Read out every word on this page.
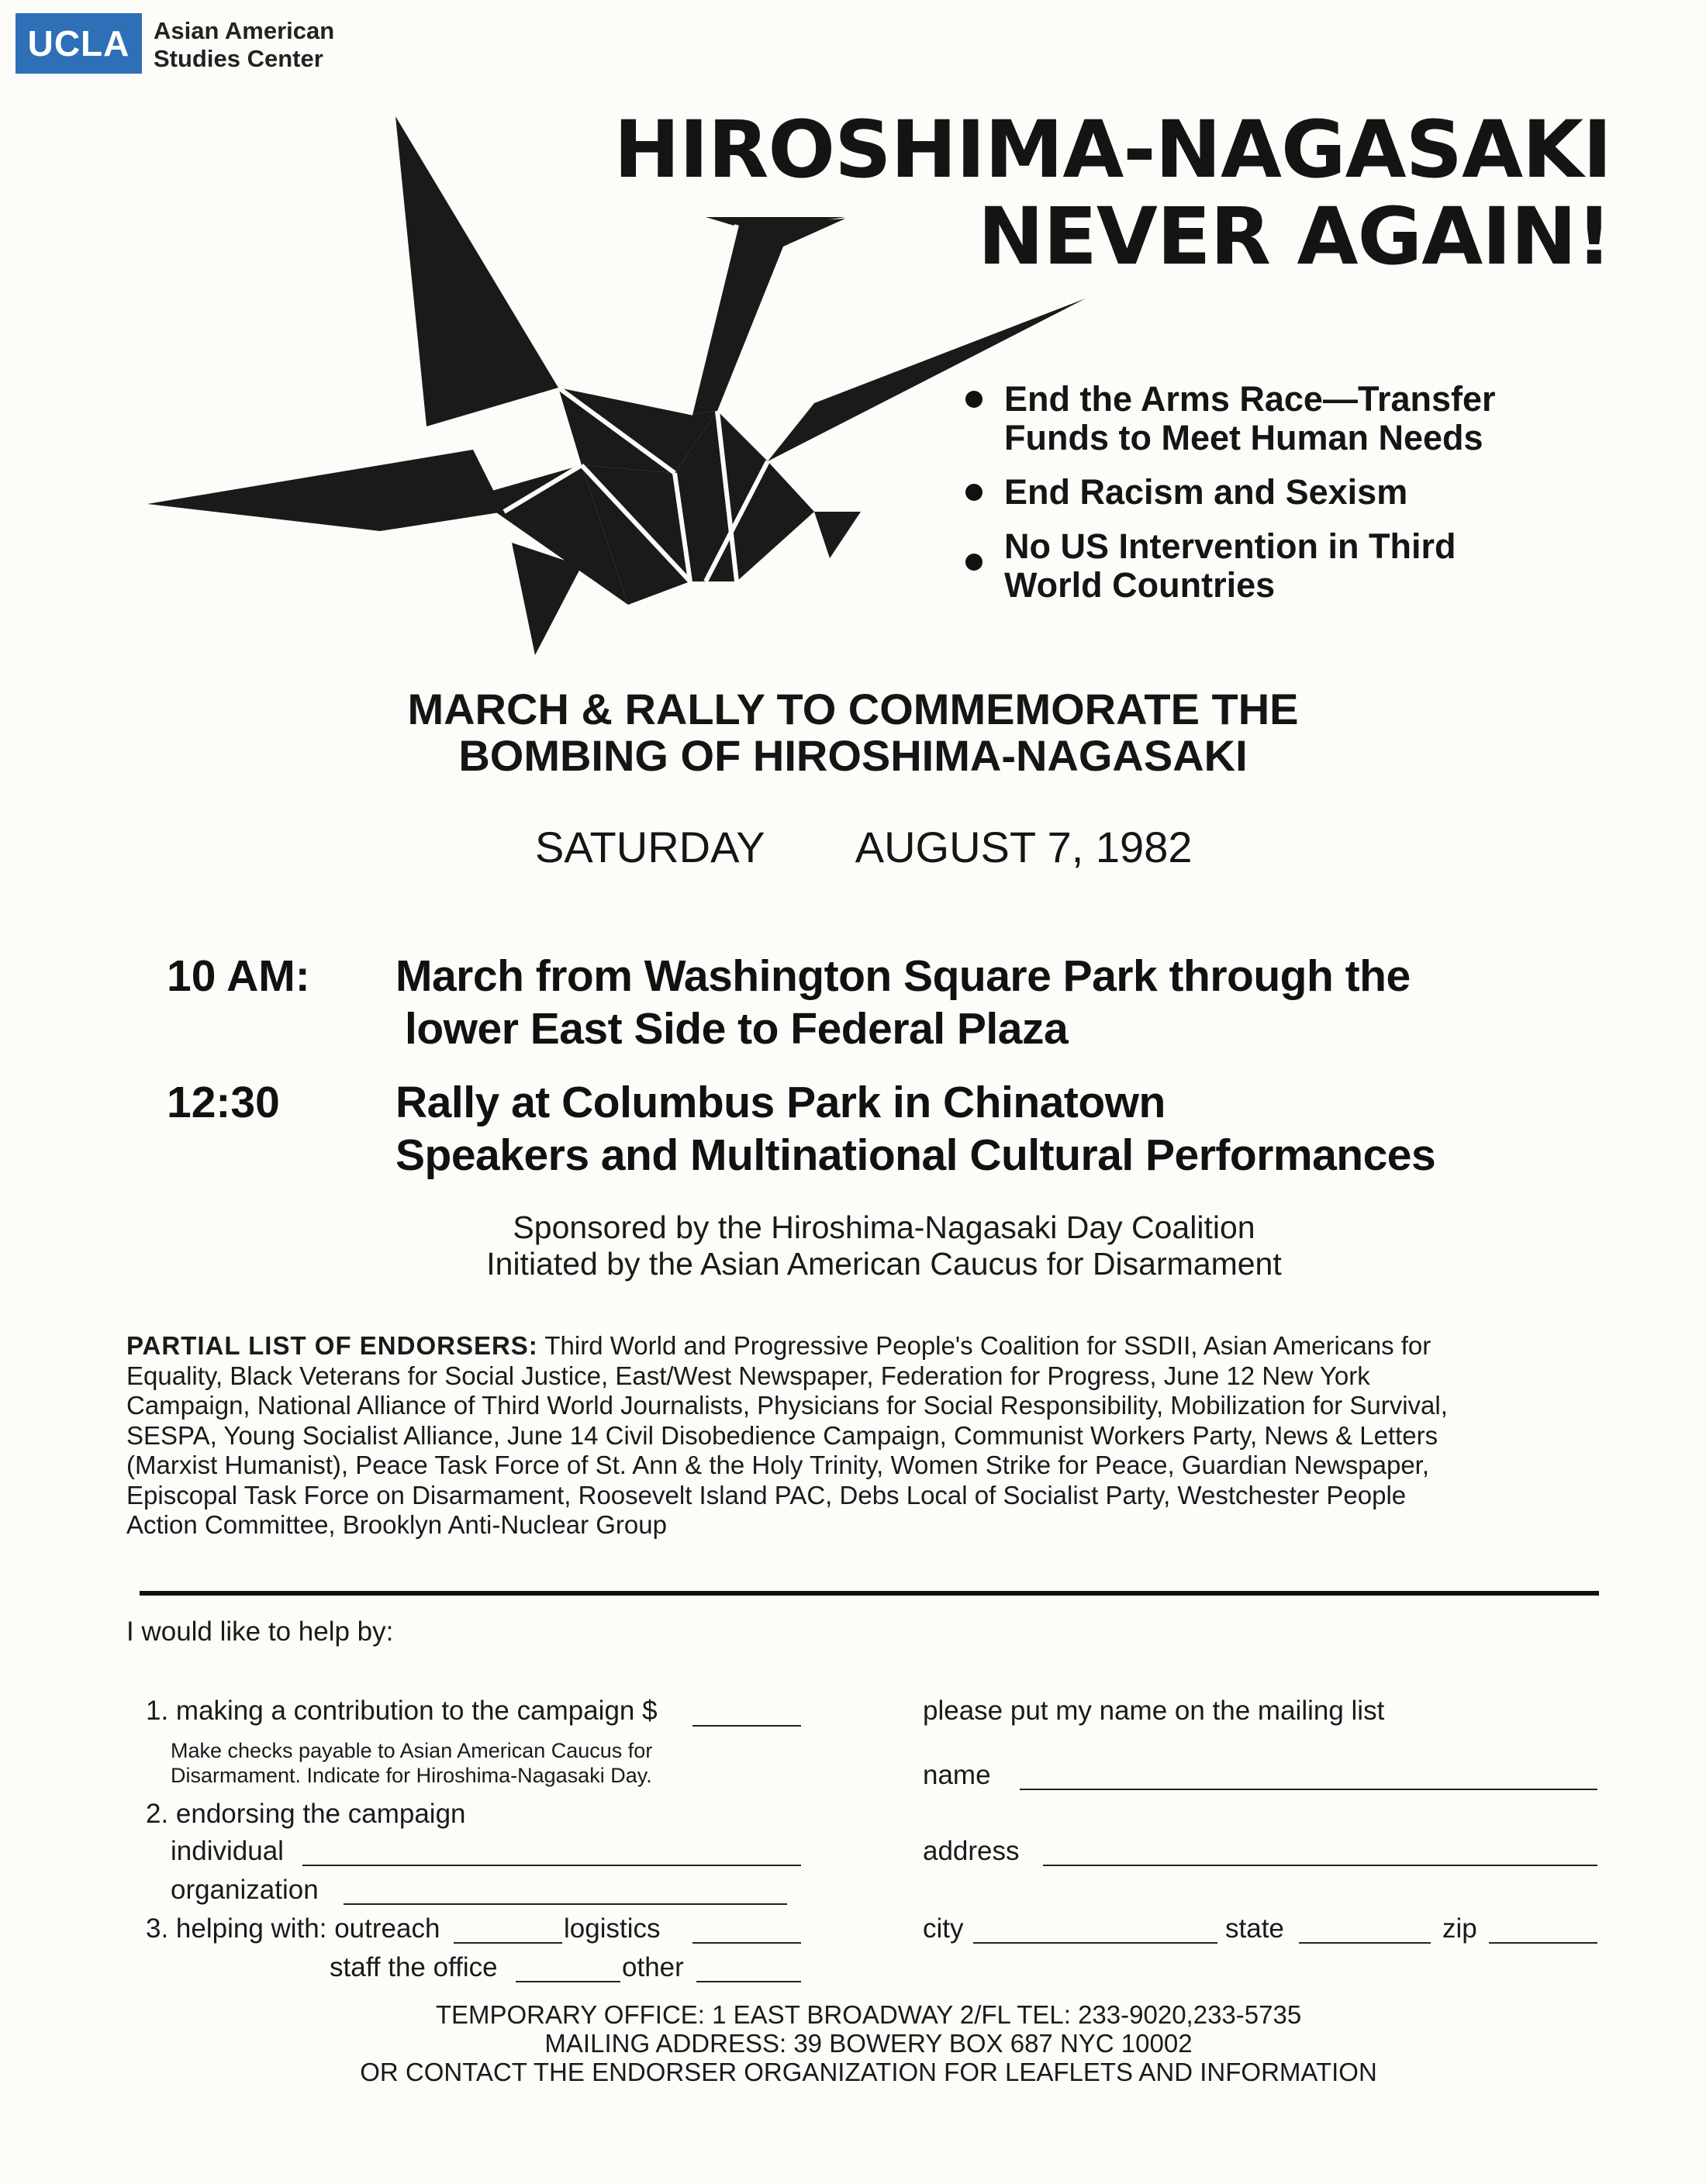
UCLA Asian American
Studies Center
HIROSHIMA-NAGASAKI
NEVER AGAIN!
End the Arms Race—Transfer
Funds to Meet Human Needs
End Racism and Sexism
No US Intervention in Third
World Countries
MARCH & RALLY TO COMMEMORATE THE
BOMBING OF HIROSHIMA-NAGASAKI
SATURDAY AUGUST 7, 1982
10 AM: March from Washington Square Park through the
lower East Side to Federal Plaza
12:30	Rally at Columbus Park in Chinatown
Speakers and Multinational Cultural Performances
Sponsored by the Hiroshima-Nagasaki Day Coalition
Initiated by the Asian American Caucus for Disarmament
PARTIAL LIST OF ENDORSERS: Third World and Progressive People's Coalition for SSDII, Asian Americans for
Equality, Black Veterans for Social Justice, East/West Newspaper, Federation for Progress, June 12 New York
Campaign, National Alliance of Third World Journalists, Physicians for Social Responsibility, Mobilization for Survival,
SESPA, Young Socialist Alliance, June 14 Civil Disobedience Campaign, Communist Workers Party, News & Letters
(Marxist Humanist), Peace Task Force of St. Ann & the Holy Trinity, Women Strike for Peace, Guardian Newspaper,
Episcopal Task Force on Disarmament, Roosevelt Island PAC, Debs Local of Socialist Party, Westchester People
Action Committee, Brooklyn Anti-Nuclear Group
I would like to help by:
1. making a contribution to the campaign $
Make checks payable to Asian American Caucus for
Disarmament. Indicate for Hiroshima-Nagasaki Day.
2. endorsing the campaign
individual
organization
3. helping with: outreach	logistics
staff the office	other
please put my name on the mailing list
name
address
city	state	zip
TEMPORARY OFFICE: 1 EAST BROADWAY 2/FL TEL: 233-9020,233-5735
MAILING ADDRESS: 39 BOWERY BOX 687 NYC 10002
OR CONTACT THE ENDORSER ORGANIZATION FOR LEAFLETS AND INFORMATION
